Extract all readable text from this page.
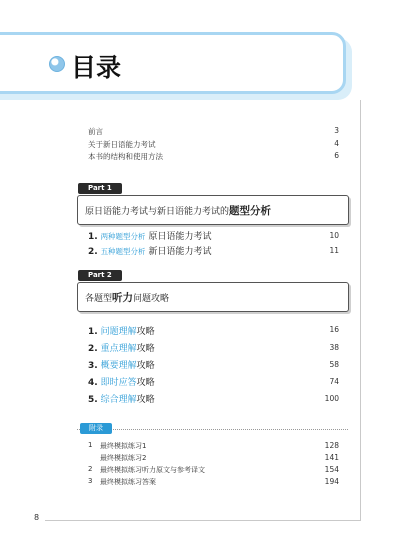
目录
前言	3
关于新日语能力考试	4
本书的结构和使用方法	6
Part 1
原日语能力考试与新日语能力考试的题型分析
1. 两种题型分析 原日语能力考试	10
2. 五种题型分析 新日语能力考试	11
Part 2
各题型听力问题攻略
1. 问题理解攻略	16
2. 重点理解攻略	38
3. 概要理解攻略	58
4. 即时应答攻略	74
5. 综合理解攻略	100
附录
1 最终模拟练习1	128
最终模拟练习2	141
2 最终模拟练习听力原文与参考译文	154
3 最终模拟练习答案	194
8
